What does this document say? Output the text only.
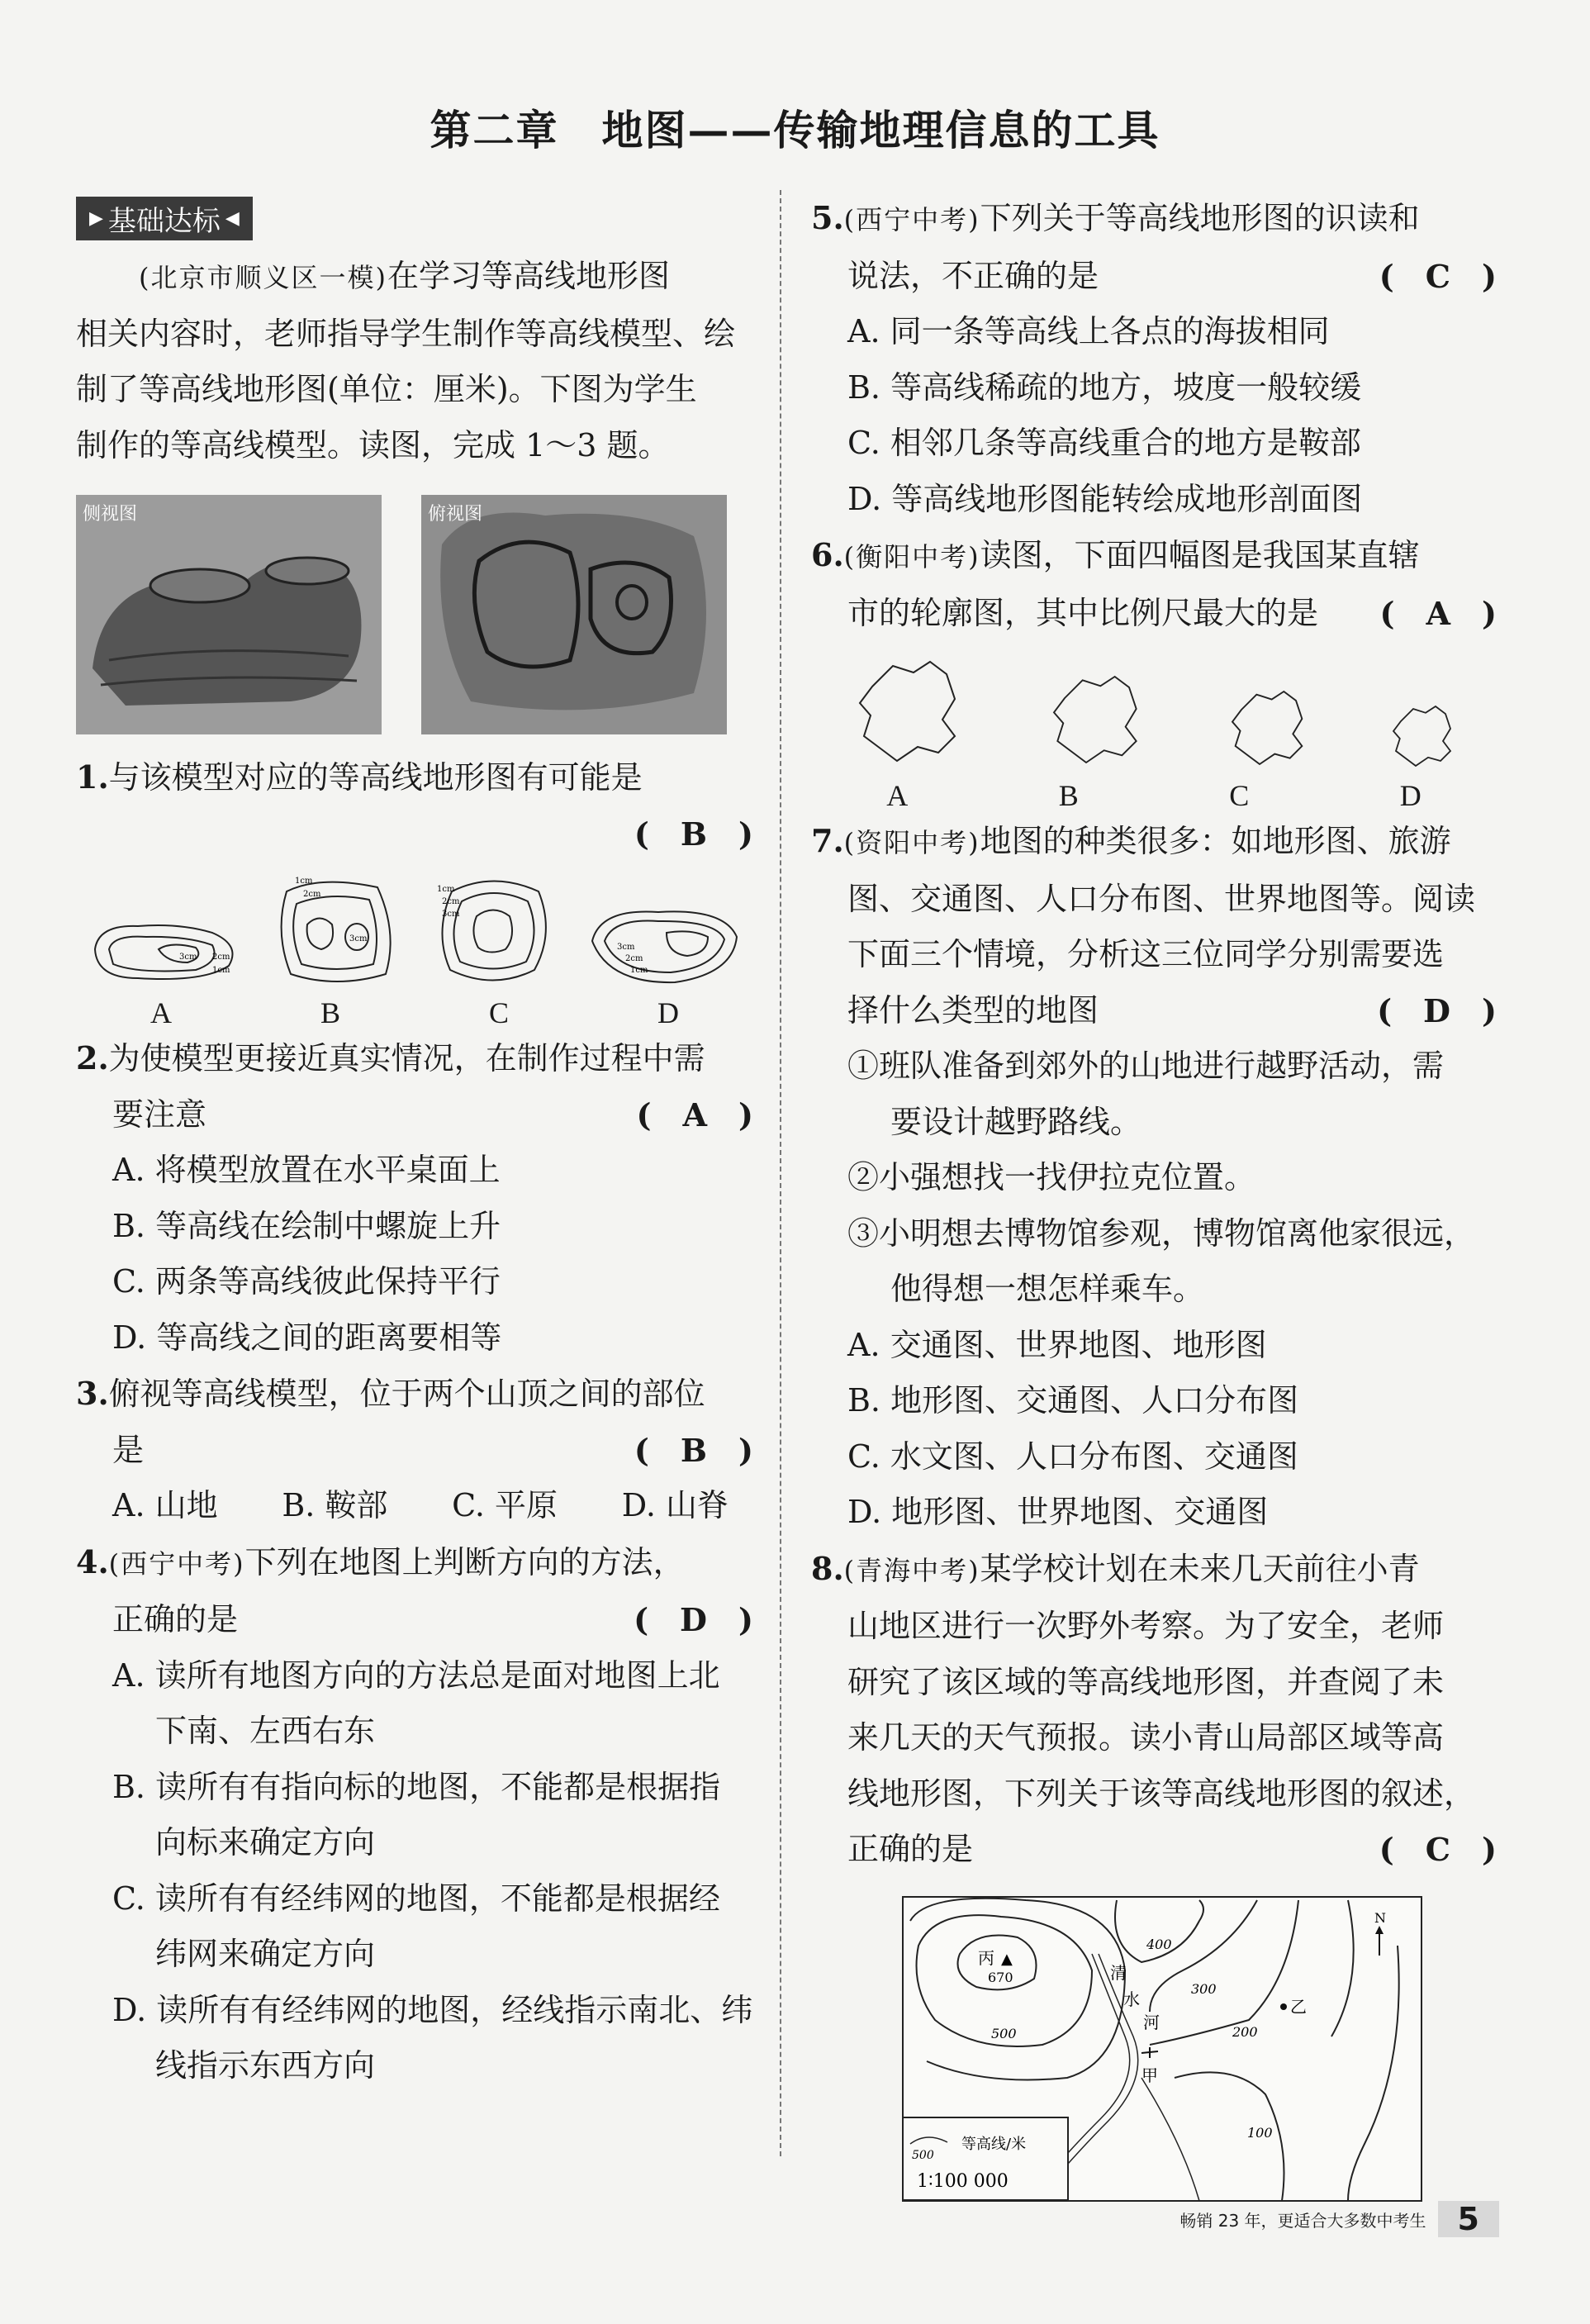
第二章　地图——传输地理信息的工具
▶ 基础达标 ◀
(北京市顺义区一模)在学习等高线地形图
相关内容时，老师指导学生制作等高线模型、绘
制了等高线地形图(单位：厘米)。下图为学生
制作的等高线模型。读图，完成 1～3 题。
侧视图	俯视图
1.与该模型对应的等高线地形图有可能是
(　B　)
3cm 2cm
1cm
1cm
2cm
3cm
1cm
2cm
3cm
3cm
2cm
1cm
A	B	C	D
2.为使模型更接近真实情况，在制作过程中需
要注意	(　A　)
A. 将模型放置在水平桌面上
B. 等高线在绘制中螺旋上升
C. 两条等高线彼此保持平行
D. 等高线之间的距离要相等
3.俯视等高线模型，位于两个山顶之间的部位
是	(　B　)
A. 山地 B. 鞍部 C. 平原 D. 山脊
4.(西宁中考)下列在地图上判断方向的方法，
正确的是	(　D　)
A. 读所有地图方向的方法总是面对地图上北
下南、左西右东
B. 读所有有指向标的地图，不能都是根据指
向标来确定方向
C. 读所有有经纬网的地图，不能都是根据经
纬网来确定方向
D. 读所有有经纬网的地图，经线指示南北、纬
线指示东西方向
5.(西宁中考)下列关于等高线地形图的识读和
说法，不正确的是	(　C　)
A. 同一条等高线上各点的海拔相同
B. 等高线稀疏的地方，坡度一般较缓
C. 相邻几条等高线重合的地方是鞍部
D. 等高线地形图能转绘成地形剖面图
6.(衡阳中考)读图，下面四幅图是我国某直辖
市的轮廓图，其中比例尺最大的是 (　A　)
A	B	C	D
7.(资阳中考)地图的种类很多：如地形图、旅游
图、交通图、人口分布图、世界地图等。阅读
下面三个情境，分析这三位同学分别需要选
择什么类型的地图	(　D　)
①班队准备到郊外的山地进行越野活动，需
要设计越野路线。
②小强想找一找伊拉克位置。
③小明想去博物馆参观，博物馆离他家很远，
他得想一想怎样乘车。
A. 交通图、世界地图、地形图
B. 地形图、交通图、人口分布图
C. 水文图、人口分布图、交通图
D. 地形图、世界地图、交通图
8.(青海中考)某学校计划在未来几天前往小青
山地区进行一次野外考察。为了安全，老师
研究了该区域的等高线地形图，并查阅了未
来几天的天气预报。读小青山局部区域等高
线地形图，下列关于该等高线地形图的叙述，
正确的是	(　C　)
丙 ▲
670
400
300
200
100
500
清
水
河
乙
甲
N
500
等高线/米
1∶100 000
畅销 23 年，更适合大多数中考生	5
